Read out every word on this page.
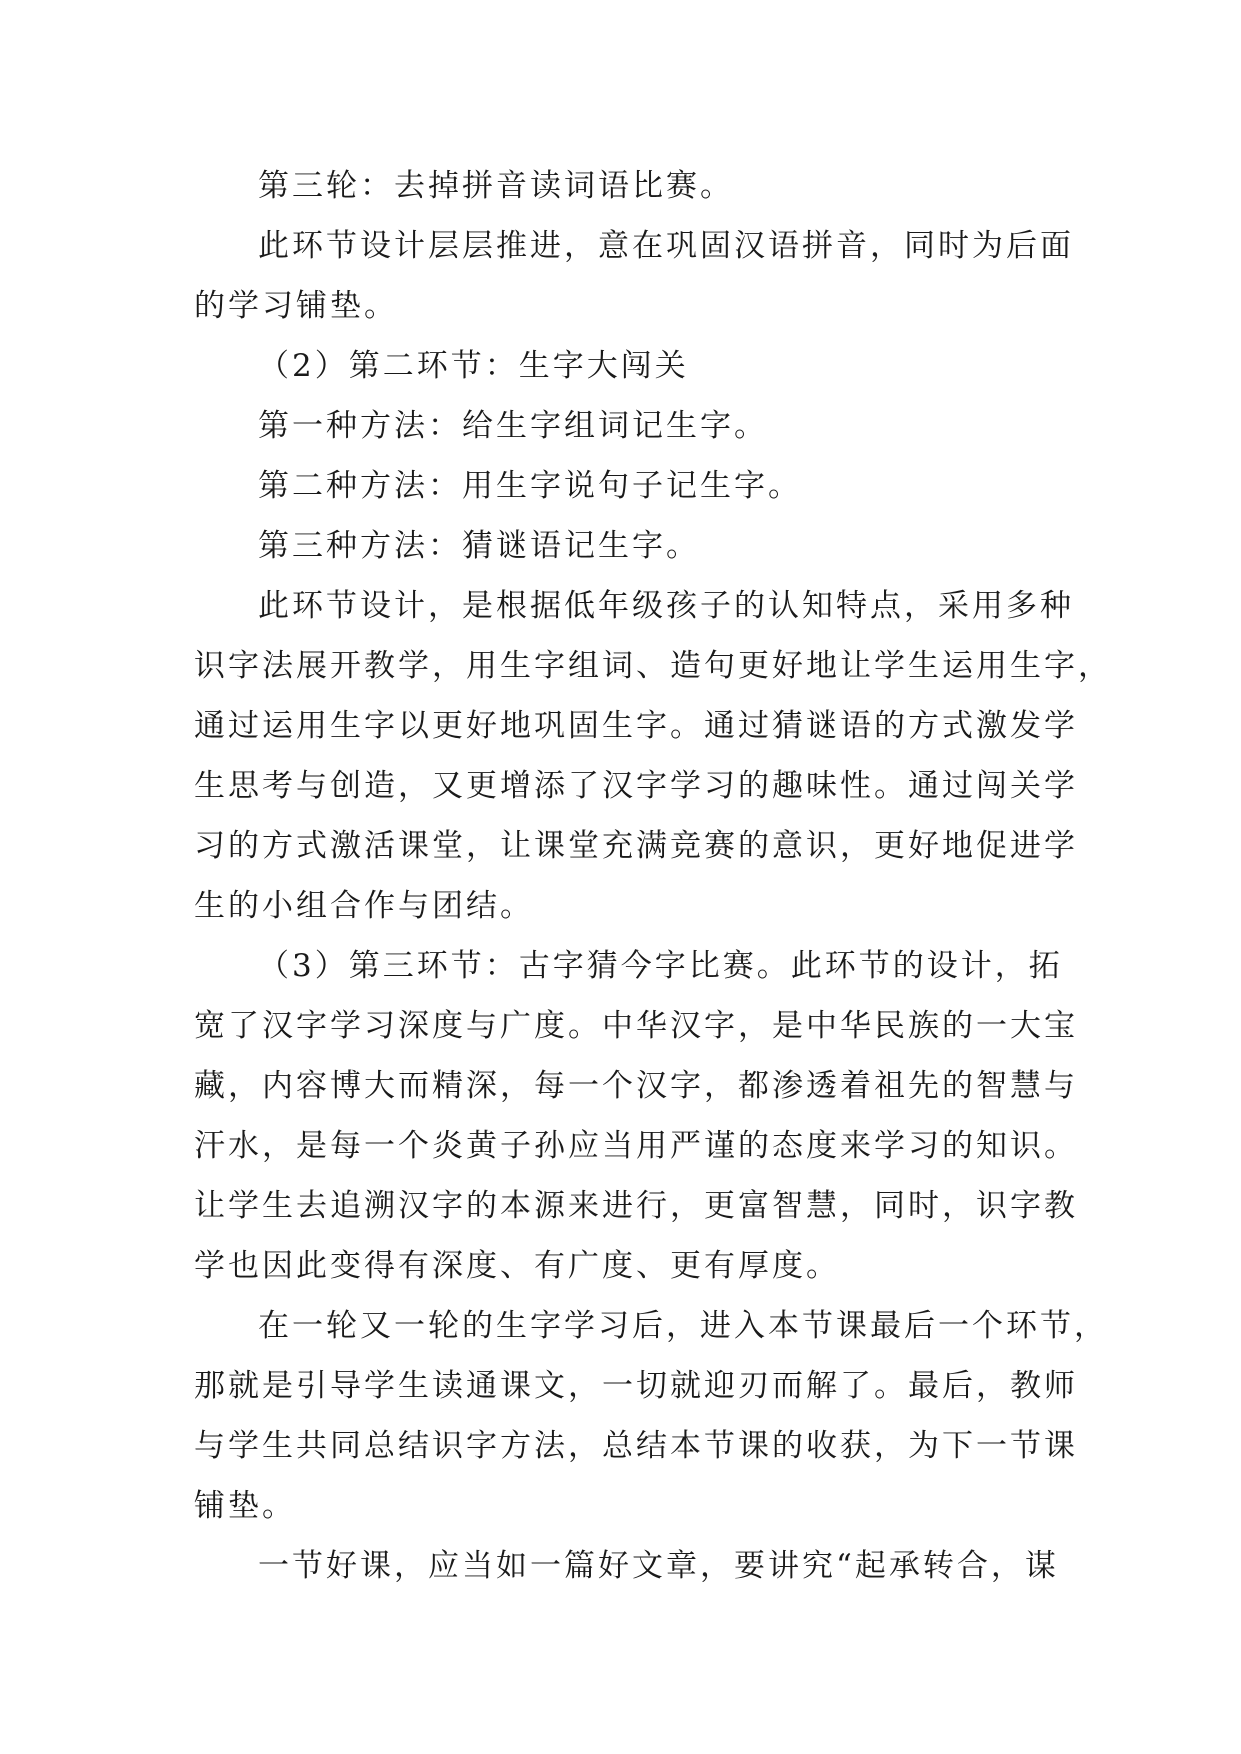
第三轮：去掉拼音读词语比赛。
此环节设计层层推进，意在巩固汉语拼音，同时为后面
的学习铺垫。
（2）第二环节：生字大闯关
第一种方法：给生字组词记生字。
第二种方法：用生字说句子记生字。
第三种方法：猜谜语记生字。
此环节设计，是根据低年级孩子的认知特点，采用多种
识字法展开教学，用生字组词、造句更好地让学生运用生字，
通过运用生字以更好地巩固生字。通过猜谜语的方式激发学
生思考与创造，又更增添了汉字学习的趣味性。通过闯关学
习的方式激活课堂，让课堂充满竞赛的意识，更好地促进学
生的小组合作与团结。
（3）第三环节：古字猜今字比赛。此环节的设计，拓
宽了汉字学习深度与广度。中华汉字，是中华民族的一大宝
藏，内容博大而精深，每一个汉字，都渗透着祖先的智慧与
汗水，是每一个炎黄子孙应当用严谨的态度来学习的知识。
让学生去追溯汉字的本源来进行，更富智慧，同时，识字教
学也因此变得有深度、有广度、更有厚度。
在一轮又一轮的生字学习后，进入本节课最后一个环节，
那就是引导学生读通课文，一切就迎刃而解了。最后，教师
与学生共同总结识字方法，总结本节课的收获，为下一节课
铺垫。
一节好课，应当如一篇好文章，要讲究“起承转合，谋
